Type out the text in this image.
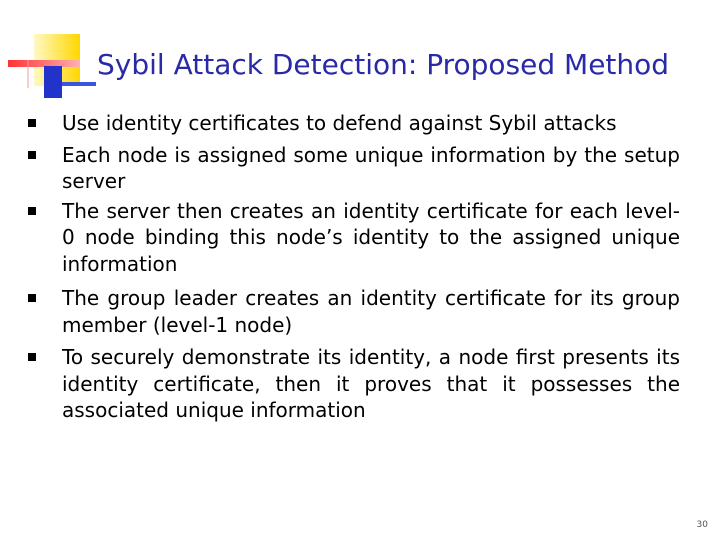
Sybil Attack Detection: Proposed Method
Use identity certificates to defend against Sybil attacks
Each node is assigned some unique information by the setup server
The server then creates an identity certificate for each level-0 node binding this node’s identity to the assigned unique information
The group leader creates an identity certificate for its group member (level-1 node)
To securely demonstrate its identity, a node first presents its identity certificate, then it proves that it possesses the associated unique information
30
